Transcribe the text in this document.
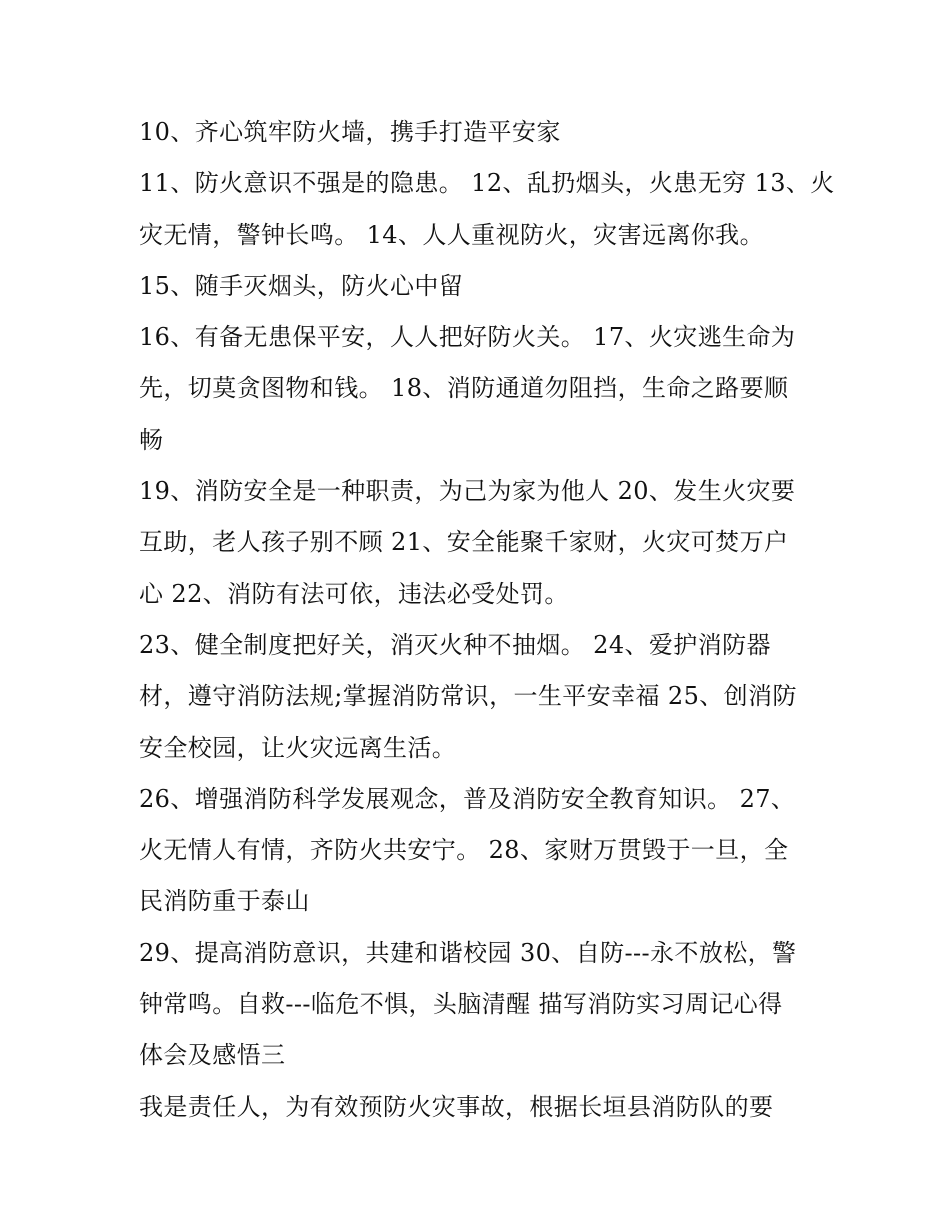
10、齐心筑牢防火墙，携手打造平安家
11、防火意识不强是的隐患。 12、乱扔烟头，火患无穷 13、火
灾无情，警钟长鸣。 14、人人重视防火，灾害远离你我。
15、随手灭烟头，防火心中留
16、有备无患保平安，人人把好防火关。 17、火灾逃生命为
先，切莫贪图物和钱。 18、消防通道勿阻挡，生命之路要顺
畅
19、消防安全是一种职责，为己为家为他人 20、发生火灾要
互助，老人孩子别不顾 21、安全能聚千家财，火灾可焚万户
心 22、消防有法可依，违法必受处罚。
23、健全制度把好关，消灭火种不抽烟。 24、爱护消防器
材，遵守消防法规;掌握消防常识，一生平安幸福 25、创消防
安全校园，让火灾远离生活。
26、增强消防科学发展观念，普及消防安全教育知识。 27、
火无情人有情，齐防火共安宁。 28、家财万贯毁于一旦，全
民消防重于泰山
29、提高消防意识，共建和谐校园 30、自防---永不放松，警
钟常鸣。自救---临危不惧，头脑清醒 描写消防实习周记心得
体会及感悟三
我是责任人，为有效预防火灾事故，根据长垣县消防队的要
